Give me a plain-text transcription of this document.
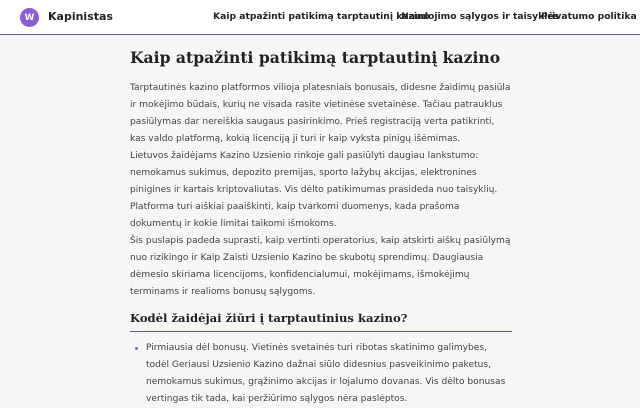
W	Kapinistas	Kaip atpažinti patikimą tarptautinį kazino
Naudojimo sąlygos ir taisyklės
Privatumo politika
Kaip atpažinti patikimą tarptautinį kazino

Tarptautinės kazino platformos vilioja platesniais bonusais, didesne žaidimų pasiūla ir mokėjimo būdais, kurių ne visada rasite vietinėse svetainėse. Tačiau patrauklus pasiūlymas dar nereiškia saugaus pasirinkimo. Prieš registraciją verta patikrinti, kas valdo platformą, kokią licenciją ji turi ir kaip vyksta pinigų išėmimas.

Lietuvos žaidėjams Kazino Uzsienio rinkoje gali pasiūlyti daugiau lankstumo: nemokamus sukimus, depozito premijas, sporto lažybų akcijas, elektronines pinigines ir kartais kriptovaliutas. Vis dėlto patikimumas prasideda nuo taisyklių. Platforma turi aiškiai paaiškinti, kaip tvarkomi duomenys, kada prašoma dokumentų ir kokie limitai taikomi išmokoms.

Šis puslapis padeda suprasti, kaip vertinti operatorius, kaip atskirti aiškų pasiūlymą nuo rizikingo ir Kaip Zaisti Uzsienio Kazino be skubotų sprendimų. Daugiausia dėmesio skiriama licencijoms, konfidencialumui, mokėjimams, išmokėjimų terminams ir realioms bonusų sąlygoms.

Kodėl žaidėjai žiūri į tarptautinius kazino?
Pirmiausia dėl bonusų. Vietinės svetainės turi ribotas skatinimo galimybes, todėl Geriausi Uzsienio Kazino dažnai siūlo didesnius pasveikinimo paketus, nemokamus sukimus, grąžinimo akcijas ir lojalumo dovanas. Vis dėlto bonusas vertingas tik tada, kai peržiūrimo sąlygos nėra paslėptos.
